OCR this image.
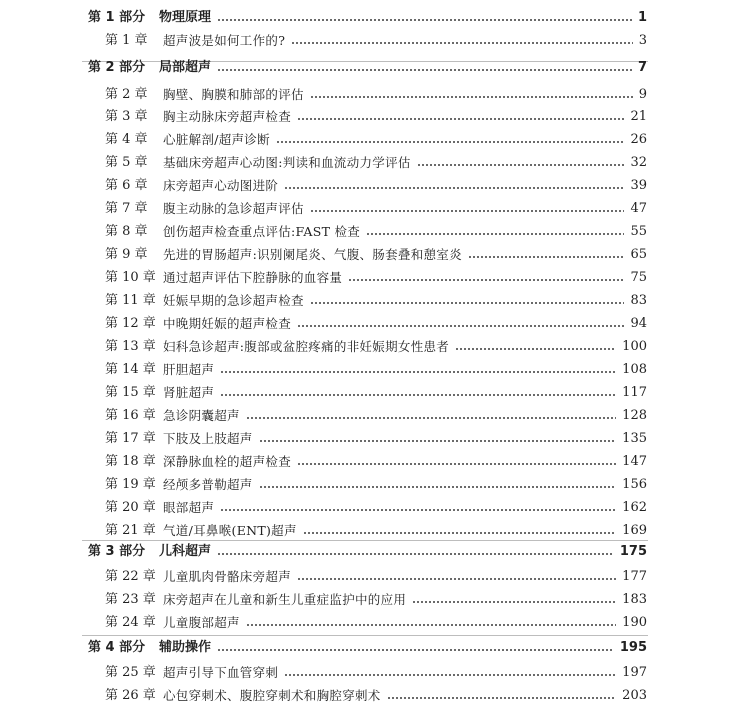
第 1 部分 物理原理	1
第 1 章 超声波是如何工作的?	3
第 2 部分 局部超声	7
第 2 章 胸壁、胸膜和肺部的评估	9
第 3 章 胸主动脉床旁超声检查	21
第 4 章 心脏解剖/超声诊断	26
第 5 章 基础床旁超声心动图:判读和血流动力学评估	32
第 6 章 床旁超声心动图进阶	39
第 7 章 腹主动脉的急诊超声评估	47
第 8 章 创伤超声检查重点评估:FAST 检查	55
第 9 章 先进的胃肠超声:识别阑尾炎、气腹、肠套叠和憩室炎	65
第 10 章 通过超声评估下腔静脉的血容量	75
第 11 章 妊娠早期的急诊超声检查	83
第 12 章 中晚期妊娠的超声检查	94
第 13 章 妇科急诊超声:腹部或盆腔疼痛的非妊娠期女性患者	100
第 14 章 肝胆超声	108
第 15 章 肾脏超声	117
第 16 章 急诊阴囊超声	128
第 17 章 下肢及上肢超声	135
第 18 章 深静脉血栓的超声检查	147
第 19 章 经颅多普勒超声	156
第 20 章 眼部超声	162
第 21 章 气道/耳鼻喉(ENT)超声	169
第 3 部分 儿科超声	175
第 22 章 儿童肌肉骨骼床旁超声	177
第 23 章 床旁超声在儿童和新生儿重症监护中的应用	183
第 24 章 儿童腹部超声	190
第 4 部分 辅助操作	195
第 25 章 超声引导下血管穿刺	197
第 26 章 心包穿刺术、腹腔穿刺术和胸腔穿刺术	203
